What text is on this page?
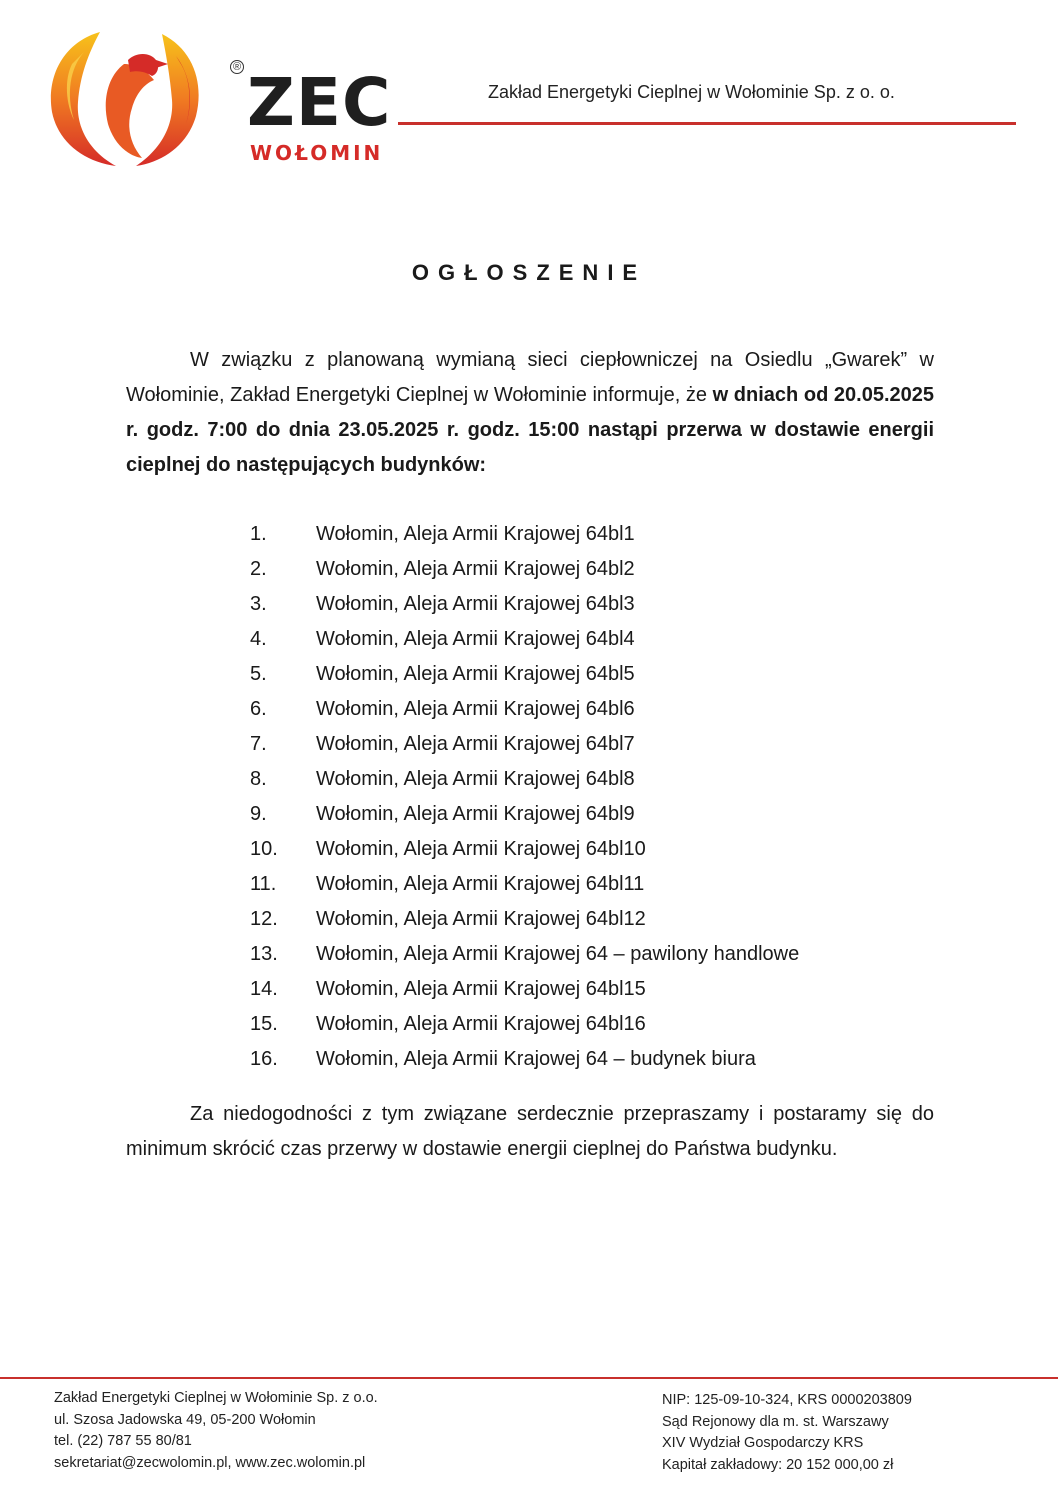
® ZEC
WOŁOMIN
Zakład Energetyki Cieplnej w Wołominie Sp. z o. o.
OGŁOSZENIE
W związku z planowaną wymianą sieci ciepłowniczej na Osiedlu „Gwarek” w Wołominie, Zakład Energetyki Cieplnej w Wołominie informuje, że w dniach od 20.05.2025 r. godz. 7:00 do dnia 23.05.2025 r. godz. 15:00 nastąpi przerwa w dostawie energii cieplnej do następujących budynków:
1.	Wołomin, Aleja Armii Krajowej 64bl1
2.	Wołomin, Aleja Armii Krajowej 64bl2
3.	Wołomin, Aleja Armii Krajowej 64bl3
4.	Wołomin, Aleja Armii Krajowej 64bl4
5.	Wołomin, Aleja Armii Krajowej 64bl5
6.	Wołomin, Aleja Armii Krajowej 64bl6
7.	Wołomin, Aleja Armii Krajowej 64bl7
8.	Wołomin, Aleja Armii Krajowej 64bl8
9.	Wołomin, Aleja Armii Krajowej 64bl9
10.	Wołomin, Aleja Armii Krajowej 64bl10
11.	Wołomin, Aleja Armii Krajowej 64bl11
12.	Wołomin, Aleja Armii Krajowej 64bl12
13.	Wołomin, Aleja Armii Krajowej 64 – pawilony handlowe
14.	Wołomin, Aleja Armii Krajowej 64bl15
15.	Wołomin, Aleja Armii Krajowej 64bl16
16.	Wołomin, Aleja Armii Krajowej 64 – budynek biura
Za niedogodności z tym związane serdecznie przepraszamy i postaramy się do minimum skrócić czas przerwy w dostawie energii cieplnej do Państwa budynku.
Zakład Energetyki Cieplnej w Wołominie Sp. z o.o.
ul. Szosa Jadowska 49, 05-200 Wołomin
tel. (22) 787 55 80/81
sekretariat@zecwolomin.pl, www.zec.wolomin.pl
NIP: 125-09-10-324, KRS 0000203809
Sąd Rejonowy dla m. st. Warszawy
XIV Wydział Gospodarczy KRS
Kapitał zakładowy: 20 152 000,00 zł
